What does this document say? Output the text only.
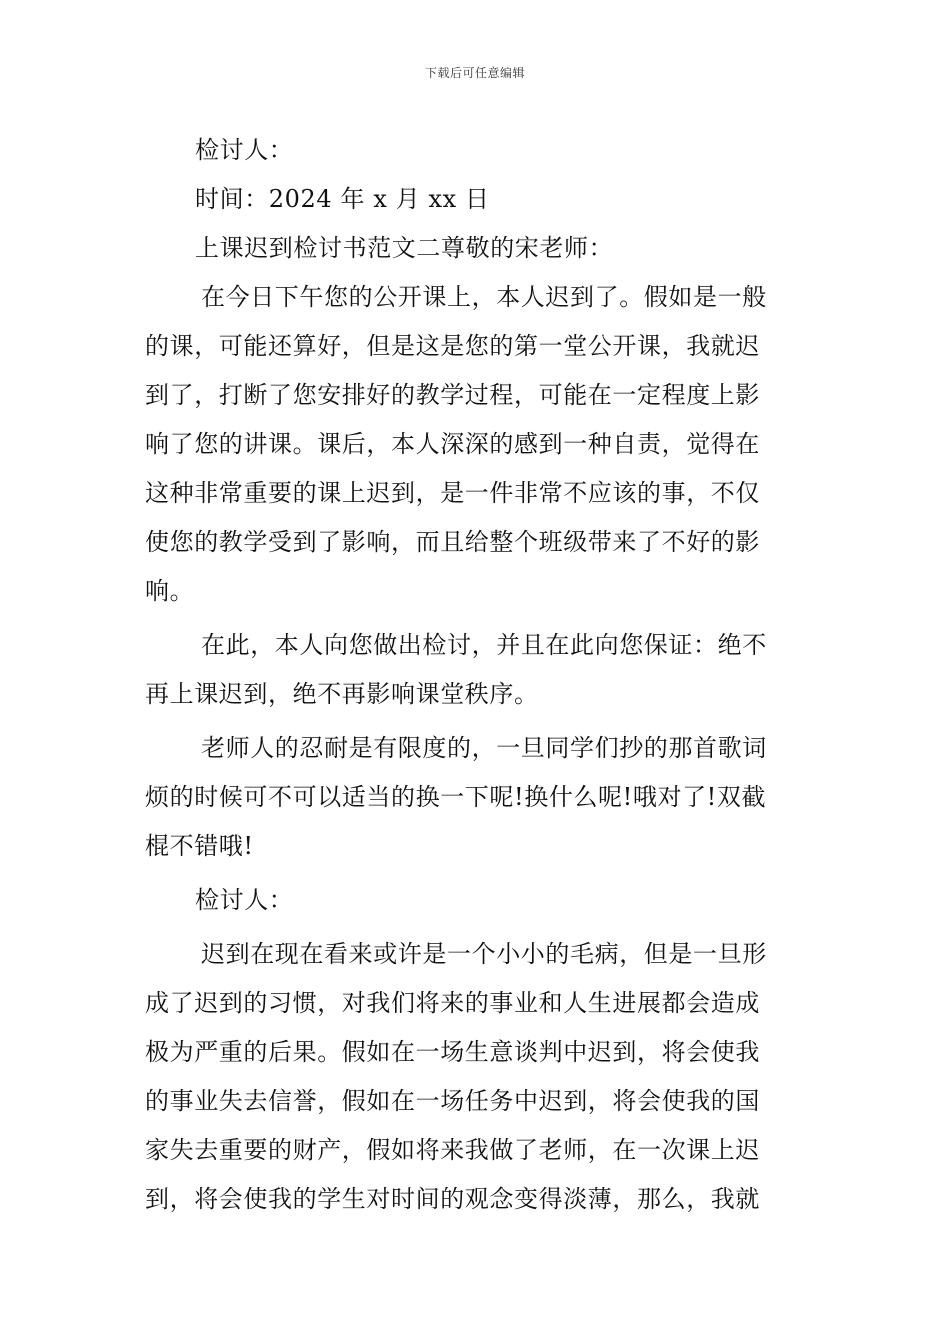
下载后可任意编辑
检讨人：
时间：2024 年 x 月 xx 日
上课迟到检讨书范文二尊敬的宋老师：
在今日下午您的公开课上，本人迟到了。假如是一般
的课，可能还算好，但是这是您的第一堂公开课，我就迟
到了，打断了您安排好的教学过程，可能在一定程度上影
响了您的讲课。课后，本人深深的感到一种自责，觉得在
这种非常重要的课上迟到，是一件非常不应该的事，不仅
使您的教学受到了影响，而且给整个班级带来了不好的影
响。
在此，本人向您做出检讨，并且在此向您保证：绝不
再上课迟到，绝不再影响课堂秩序。
老师人的忍耐是有限度的，一旦同学们抄的那首歌词
烦的时候可不可以适当的换一下呢!换什么呢!哦对了!双截
棍不错哦!
检讨人：
迟到在现在看来或许是一个小小的毛病，但是一旦形
成了迟到的习惯，对我们将来的事业和人生进展都会造成
极为严重的后果。假如在一场生意谈判中迟到，将会使我
的事业失去信誉，假如在一场任务中迟到，将会使我的国
家失去重要的财产，假如将来我做了老师，在一次课上迟
到，将会使我的学生对时间的观念变得淡薄，那么，我就
